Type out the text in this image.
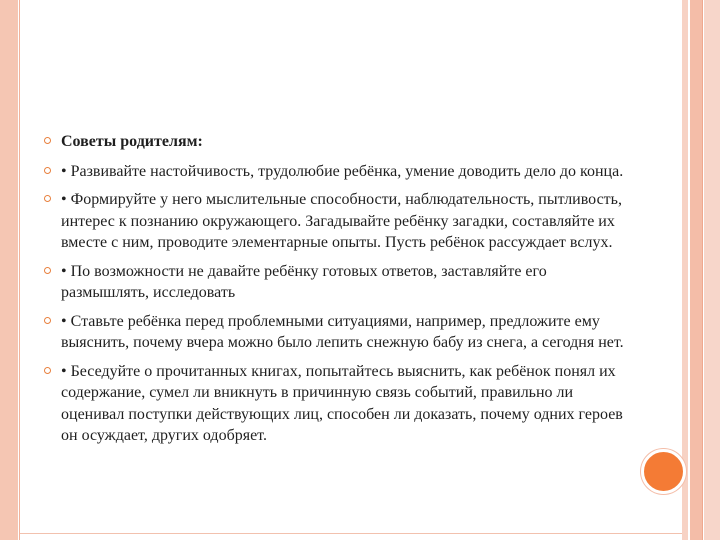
Советы родителям:
• Развивайте настойчивость, трудолюбие ребёнка, умение доводить дело до конца.
• Формируйте у него мыслительные способности, наблюдательность, пытливость, интерес к познанию окружающего. Загадывайте ребёнку загадки, составляйте их вместе с ним, проводите элементарные опыты. Пусть ребёнок рассуждает вслух.
• По возможности не давайте ребёнку готовых ответов, заставляйте его размышлять, исследовать
• Ставьте ребёнка перед проблемными ситуациями, например, предложите ему выяснить, почему вчера можно было лепить снежную бабу из снега, а сегодня нет.
• Беседуйте о прочитанных книгах, попытайтесь выяснить, как ребёнок понял их содержание, сумел ли вникнуть в причинную связь событий, правильно ли оценивал поступки действующих лиц, способен ли доказать, почему одних героев он осуждает, других одобряет.
